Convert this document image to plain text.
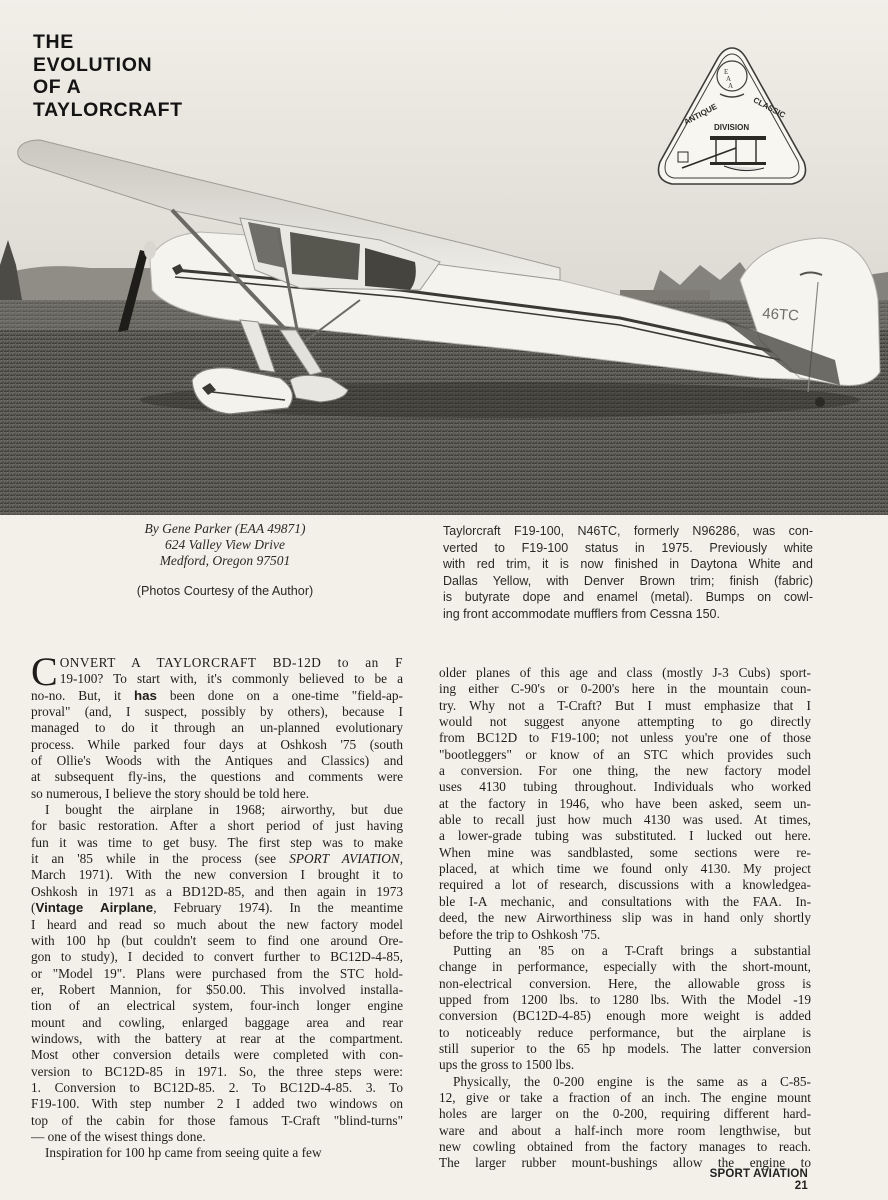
46TC
THE
EVOLUTION
OF A
TAYLORCRAFT
E
A
A
ANTIQUE	CLASSIC
DIVISION
By Gene Parker (EAA 49871)
624 Valley View Drive
Medford, Oregon 97501
(Photos Courtesy of the Author)
Taylorcraft F19-100, N46TC, formerly N96286, was con-
verted to F19-100 status in 1975. Previously white
with red trim, it is now finished in Daytona White and
Dallas Yellow, with Denver Brown trim; finish (fabric)
is butyrate dope and enamel (metal). Bumps on cowl-
ing front accommodate mufflers from Cessna 150.
CONVERT A TAYLORCRAFT BD-12D to an F
19-100? To start with, it's commonly believed to be a
no-no. But, it has been done on a one-time "field-ap-
proval" (and, I suspect, possibly by others), because I
managed to do it through an un-planned evolutionary
process. While parked four days at Oshkosh '75 (south
of Ollie's Woods with the Antiques and Classics) and
at subsequent fly-ins, the questions and comments were
so numerous, I believe the story should be told here.
I bought the airplane in 1968; airworthy, but due
for basic restoration. After a short period of just having
fun it was time to get busy. The first step was to make
it an '85 while in the process (see SPORT AVIATION,
March 1971). With the new conversion I brought it to
Oshkosh in 1971 as a BD12D-85, and then again in 1973
(Vintage Airplane, February 1974). In the meantime
I heard and read so much about the new factory model
with 100 hp (but couldn't seem to find one around Ore-
gon to study), I decided to convert further to BC12D-4-85,
or "Model 19". Plans were purchased from the STC hold-
er, Robert Mannion, for $50.00. This involved installa-
tion of an electrical system, four-inch longer engine
mount and cowling, enlarged baggage area and rear
windows, with the battery at rear at the compartment.
Most other conversion details were completed with con-
version to BC12D-85 in 1971. So, the three steps were:
1. Conversion to BC12D-85. 2. To BC12D-4-85. 3. To
F19-100. With step number 2 I added two windows on
top of the cabin for those famous T-Craft "blind-turns"
— one of the wisest things done.
Inspiration for 100 hp came from seeing quite a few
older planes of this age and class (mostly J-3 Cubs) sport-
ing either C-90's or 0-200's here in the mountain coun-
try. Why not a T-Craft? But I must emphasize that I
would not suggest anyone attempting to go directly
from BC12D to F19-100; not unless you're one of those
"bootleggers" or know of an STC which provides such
a conversion. For one thing, the new factory model
uses 4130 tubing throughout. Individuals who worked
at the factory in 1946, who have been asked, seem un-
able to recall just how much 4130 was used. At times,
a lower-grade tubing was substituted. I lucked out here.
When mine was sandblasted, some sections were re-
placed, at which time we found only 4130. My project
required a lot of research, discussions with a knowledgea-
ble I-A mechanic, and consultations with the FAA. In-
deed, the new Airworthiness slip was in hand only shortly
before the trip to Oshkosh '75.
Putting an '85 on a T-Craft brings a substantial
change in performance, especially with the short-mount,
non-electrical conversion. Here, the allowable gross is
upped from 1200 lbs. to 1280 lbs. With the Model -19
conversion (BC12D-4-85) enough more weight is added
to noticeably reduce performance, but the airplane is
still superior to the 65 hp models. The latter conversion
ups the gross to 1500 lbs.
Physically, the 0-200 engine is the same as a C-85-
12, give or take a fraction of an inch. The engine mount
holes are larger on the 0-200, requiring different hard-
ware and about a half-inch more room lengthwise, but
new cowling obtained from the factory manages to reach.
The larger rubber mount-bushings allow the engine to
SPORT AVIATION 21
